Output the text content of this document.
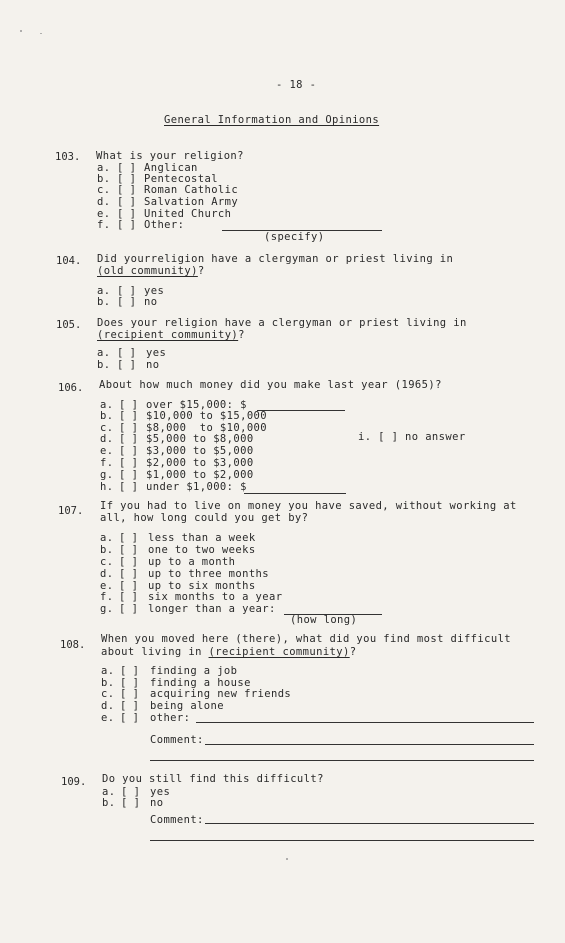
- 18 -
General Information and Opinions
103. What is your religion?
a. [ ] Anglican
b. [ ] Pentecostal
c. [ ] Roman Catholic
d. [ ] Salvation Army
e. [ ] United Church
f. [ ] Other:
(specify)
104. Did yourreligion have a clergyman or priest living in
(old community)?
a. [ ] yes
b. [ ] no
105. Does your religion have a clergyman or priest living in
(recipient community)?
a. [ ] yes
b. [ ] no
106. About how much money did you make last year (1965)?
a. [ ] over $15,000: $
b. [ ] $10,000 to $15,000
c. [ ] $8,000  to $10,000
d. [ ] $5,000 to $8,000	i. [ ] no answer
e. [ ] $3,000 to $5,000
f. [ ] $2,000 to $3,000
g. [ ] $1,000 to $2,000
h. [ ] under $1,000: $
107. If you had to live on money you have saved, without working at
all, how long could you get by?
a. [ ] less than a week
b. [ ] one to two weeks
c. [ ] up to a month
d. [ ] up to three months
e. [ ] up to six months
f. [ ] six months to a year
g. [ ] longer than a year:
(how long)
108. When you moved here (there), what did you find most difficult
about living in (recipient community)?
a. [ ] finding a job
b. [ ] finding a house
c. [ ] acquiring new friends
d. [ ] being alone
e. [ ] other:
Comment:
109. Do you still find this difficult?
a. [ ] yes
b. [ ] no
Comment:
